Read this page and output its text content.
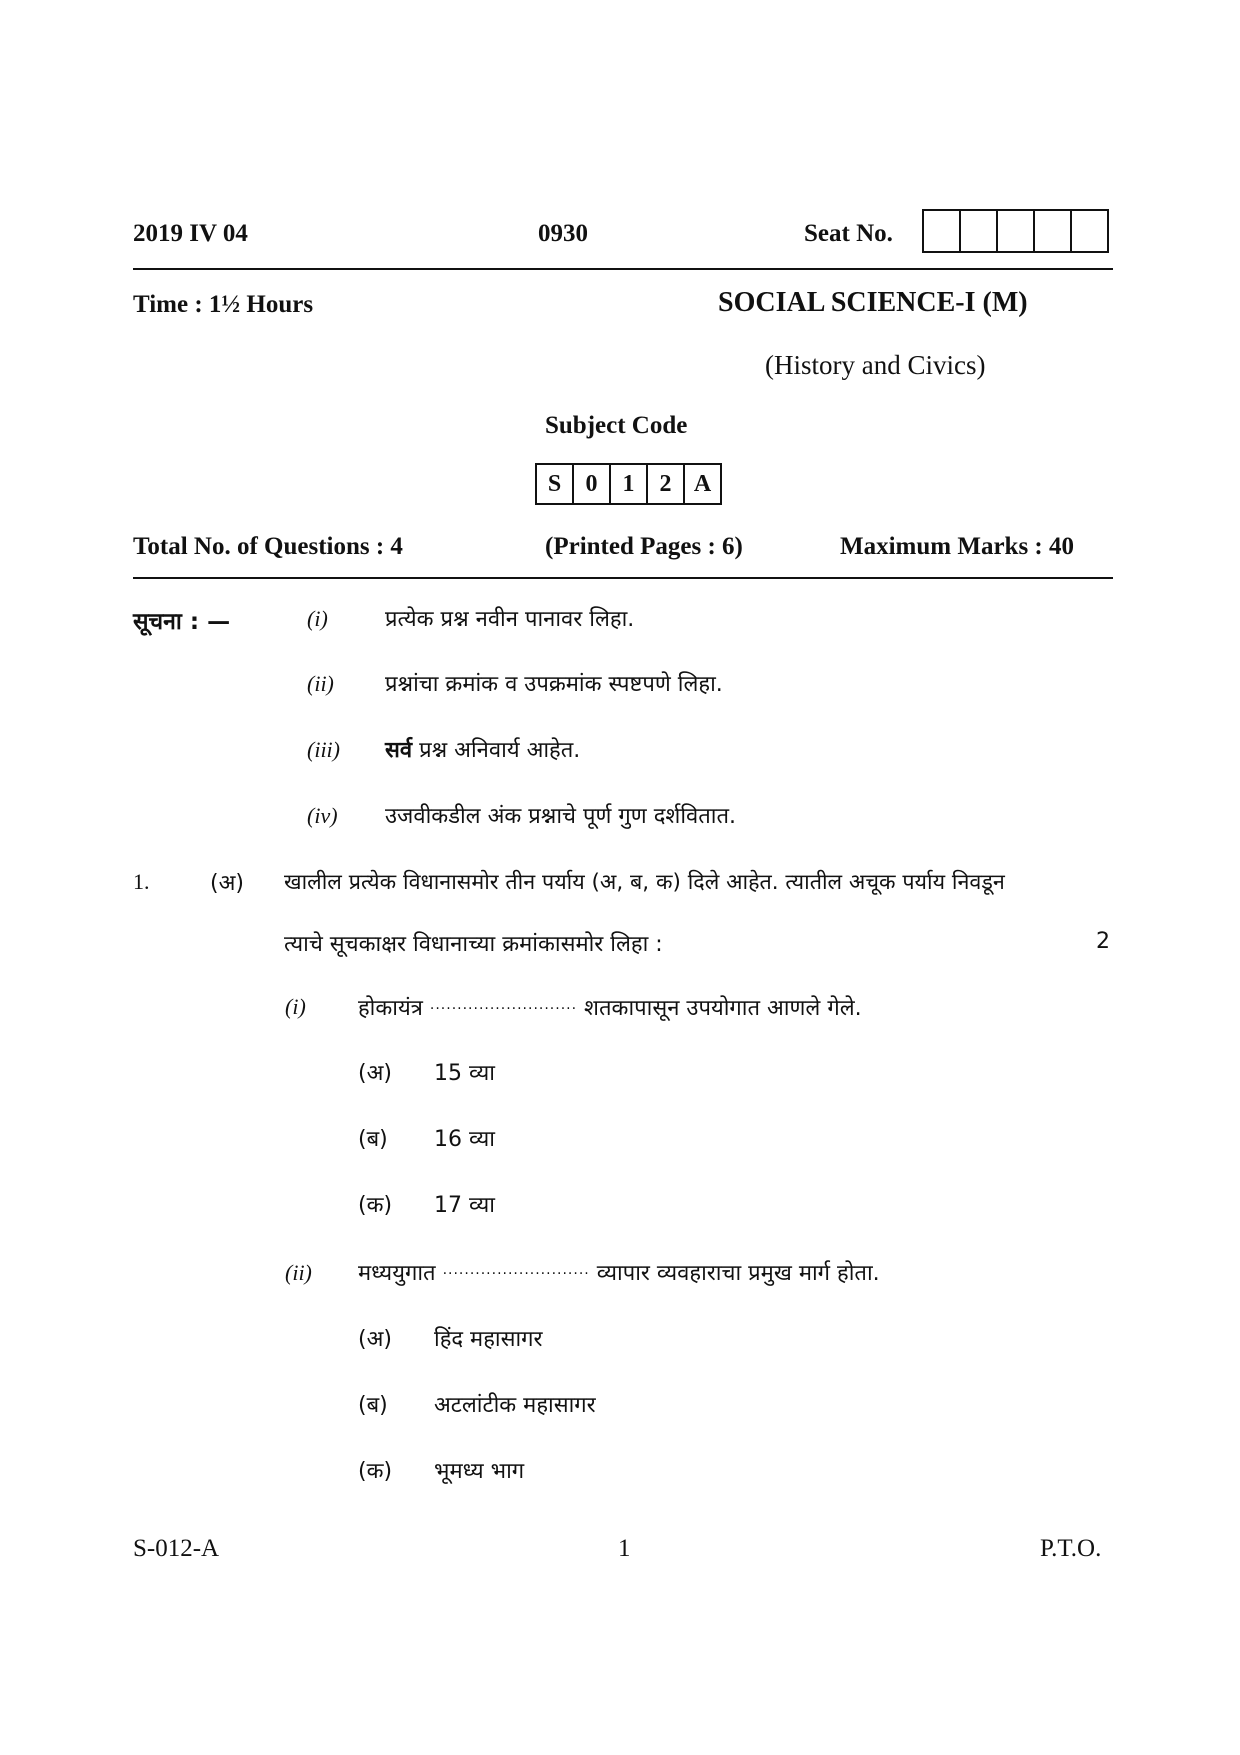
2019 IV 04	0930	Seat No.
Time : 1½ Hours	SOCIAL SCIENCE-I (M)
(History and Civics)
Subject Code
S	0	1	2 A
Total No. of Questions : 4	(Printed Pages : 6)	Maximum Marks : 40
सूचना : —	(i)	प्रत्येक प्रश्न नवीन पानावर लिहा.
(ii) प्रश्नांचा क्रमांक व उपक्रमांक स्पष्टपणे लिहा.
(iii) सर्व प्रश्न अनिवार्य आहेत.
(iv) उजवीकडील अंक प्रश्नाचे पूर्ण गुण दर्शवितात.
1.	(अ) खालील प्रत्येक विधानासमोर तीन पर्याय (अ, ब, क) दिले आहेत. त्यातील अचूक पर्याय निवडून
त्याचे सूचकाक्षर विधानाच्या क्रमांकासमोर लिहा :	2
(i) होकायंत्र ··························· शतकापासून उपयोगात आणले गेले.
(अ) 15 व्या
(ब) 16 व्या
(क) 17 व्या
(ii) मध्ययुगात ··························· व्यापार व्यवहाराचा प्रमुख मार्ग होता.
(अ) हिंद महासागर
(ब) अटलांटीक महासागर
(क) भूमध्य भाग
S-012-A	1	P.T.O.
